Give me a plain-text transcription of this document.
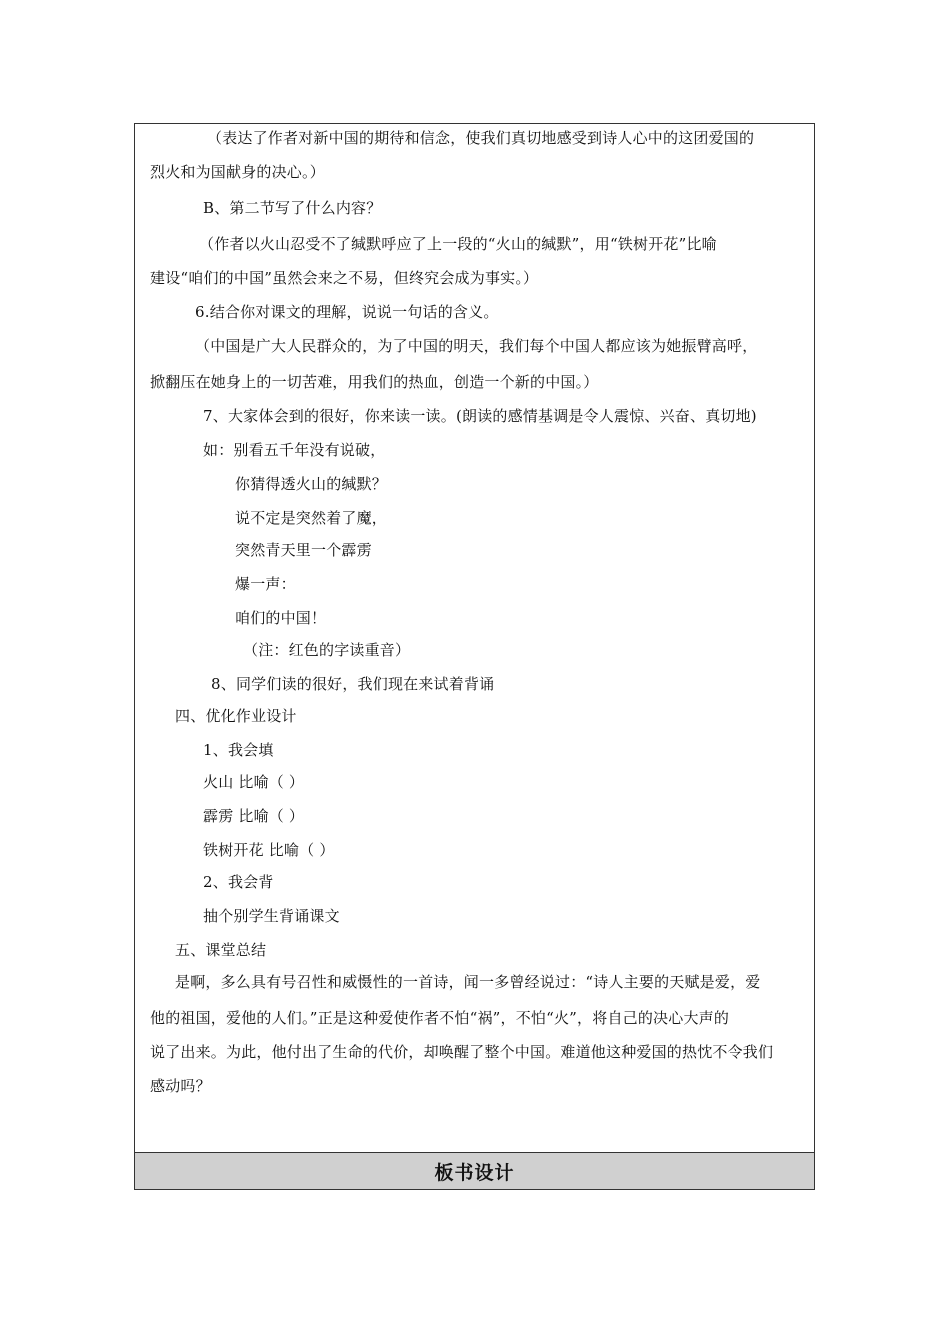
（表达了作者对新中国的期待和信念，使我们真切地感受到诗人心中的这团爱国的
烈火和为国献身的决心。）
B、第二节写了什么内容？
（作者以火山忍受不了缄默呼应了上一段的“火山的缄默”，用“铁树开花”比喻
建设“咱们的中国”虽然会来之不易，但终究会成为事实。）
6.结合你对课文的理解，说说一句话的含义。
（中国是广大人民群众的，为了中国的明天，我们每个中国人都应该为她振臂高呼，
掀翻压在她身上的一切苦难，用我们的热血，创造一个新的中国。）
7、大家体会到的很好，你来读一读。(朗读的感情基调是令人震惊、兴奋、真切地)
如：别看五千年没有说破，
你猜得透火山的缄默？
说不定是突然着了魔，
突然青天里一个霹雳
爆一声：
咱们的中国！
（注：红色的字读重音）
8、同学们读的很好，我们现在来试着背诵
四、优化作业设计
1、我会填
火山 比喻（ ）
霹雳 比喻（ ）
铁树开花 比喻（ ）
2、我会背
抽个别学生背诵课文
五、课堂总结
是啊，多么具有号召性和威慑性的一首诗，闻一多曾经说过：“诗人主要的天赋是爱，爱
他的祖国，爱他的人们。”正是这种爱使作者不怕“祸”，不怕“火”，将自己的决心大声的
说了出来。为此，他付出了生命的代价，却唤醒了整个中国。难道他这种爱国的热忱不令我们
感动吗？
板书设计
